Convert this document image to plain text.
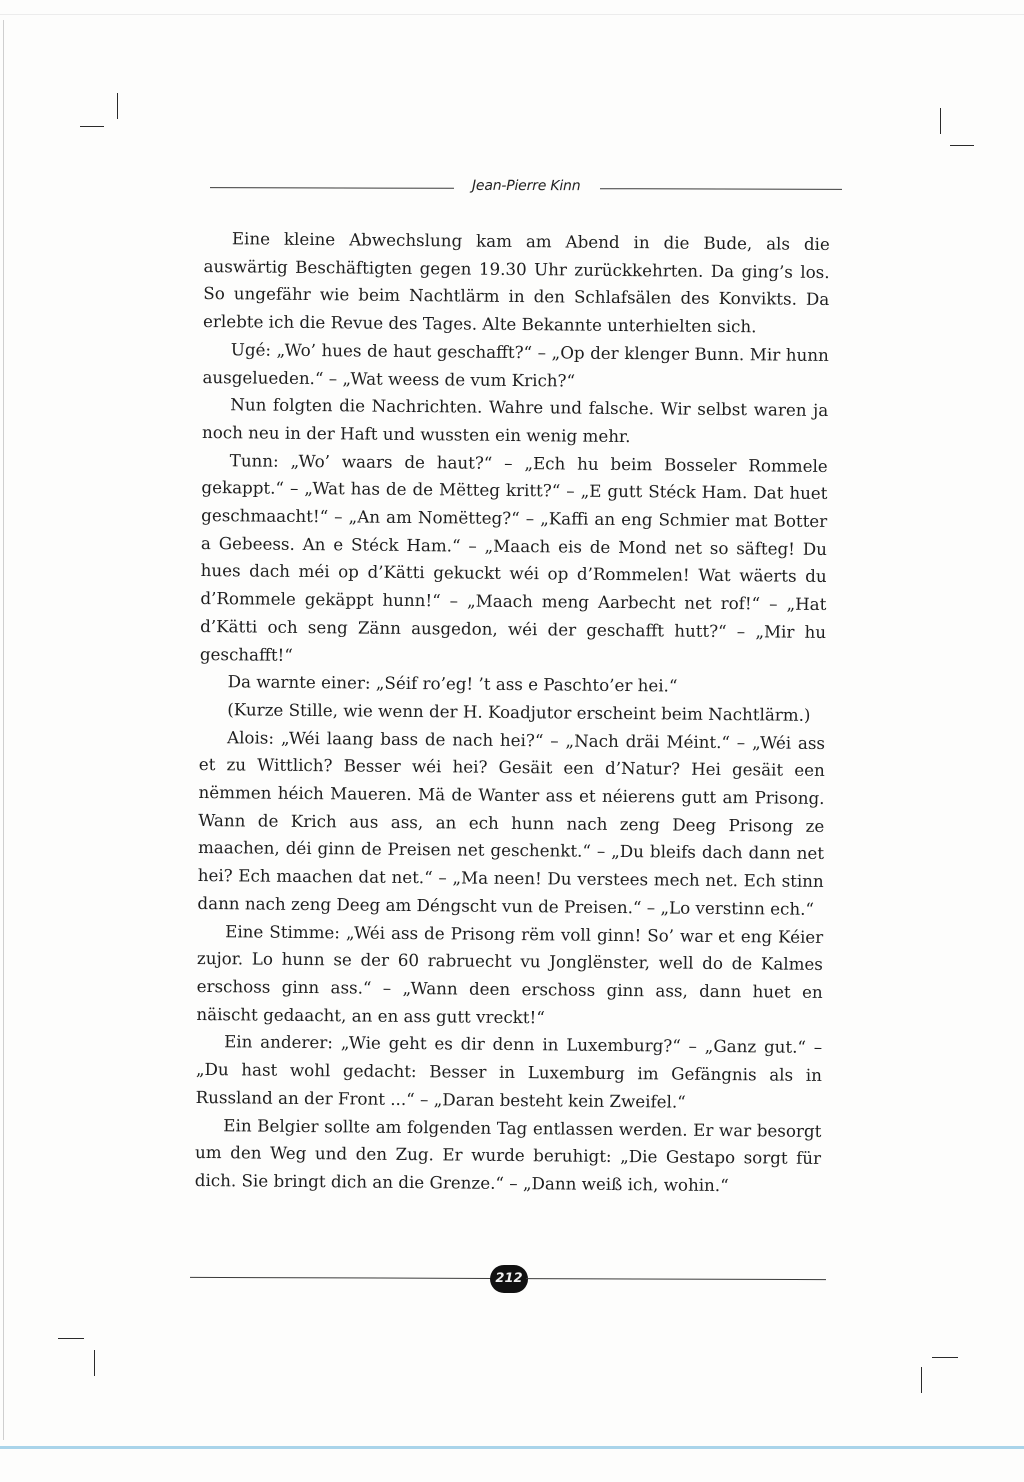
Jean-Pierre Kinn

Eine kleine Abwechslung kam am Abend in die Bude, als die auswärtig Beschäftigten gegen 19.30 Uhr zurückkehrten. Da ging’s los. So ungefähr wie beim Nachtlärm in den Schlafsälen des Konvikts. Da erlebte ich die Revue des Tages. Alte Bekannte unterhielten sich.

Ugé: „Wo’ hues de haut geschafft?“ – „Op der klenger Bunn. Mir hunn ausgelueden.“ – „Wat weess de vum Krich?“

Nun folgten die Nachrichten. Wahre und falsche. Wir selbst waren ja noch neu in der Haft und wussten ein wenig mehr.

Tunn: „Wo’ waars de haut?“ – „Ech hu beim Bosseler Rommele gekappt.“ – „Wat has de de Mëtteg kritt?“ – „E gutt Stéck Ham. Dat huet geschmaacht!“ – „An am Nomëtteg?“ – „Kaffi an eng Schmier mat Botter a Gebeess. An e Stéck Ham.“ – „Maach eis de Mond net so säfteg! Du hues dach méi op d’Kätti gekuckt wéi op d’Rommelen! Wat wäerts du d’Rommele gekäppt hunn!“ – „Maach meng Aarbecht net rof!“ – „Hat d’Kätti och seng Zänn ausgedon, wéi der geschafft hutt?“ – „Mir hu geschafft!“

Da warnte einer: „Séif ro’eg! ’t ass e Paschto’er hei.“

(Kurze Stille, wie wenn der H. Koadjutor erscheint beim Nachtlärm.)

Alois: „Wéi laang bass de nach hei?“ – „Nach dräi Méint.“ – „Wéi ass et zu Wittlich? Besser wéi hei? Gesäit een d’Natur? Hei gesäit een nëmmen héich Maueren. Mä de Wanter ass et néierens gutt am Prisong. Wann de Krich aus ass, an ech hunn nach zeng Deeg Prisong ze maachen, déi ginn de Preisen net geschenkt.“ – „Du bleifs dach dann net hei? Ech maachen dat net.“ – „Ma neen! Du verstees mech net. Ech stinn dann nach zeng Deeg am Déngscht vun de Preisen.“ – „Lo verstinn ech.“

Eine Stimme: „Wéi ass de Prisong rëm voll ginn! So’ war et eng Kéier zujor. Lo hunn se der 60 rabruecht vu Jonglënster, well do de Kalmes erschoss ginn ass.“ – „Wann deen erschoss ginn ass, dann huet en näischt gedaacht, an en ass gutt vreckt!“

Ein anderer: „Wie geht es dir denn in Luxemburg?“ – „Ganz gut.“ – „Du hast wohl gedacht: Besser in Luxemburg im Gefängnis als in Russland an der Front ...“ – „Daran besteht kein Zweifel.“

Ein Belgier sollte am folgenden Tag entlassen werden. Er war besorgt um den Weg und den Zug. Er wurde beruhigt: „Die Gestapo sorgt für dich. Sie bringt dich an die Grenze.“ – „Dann weiß ich, wohin.“

212
